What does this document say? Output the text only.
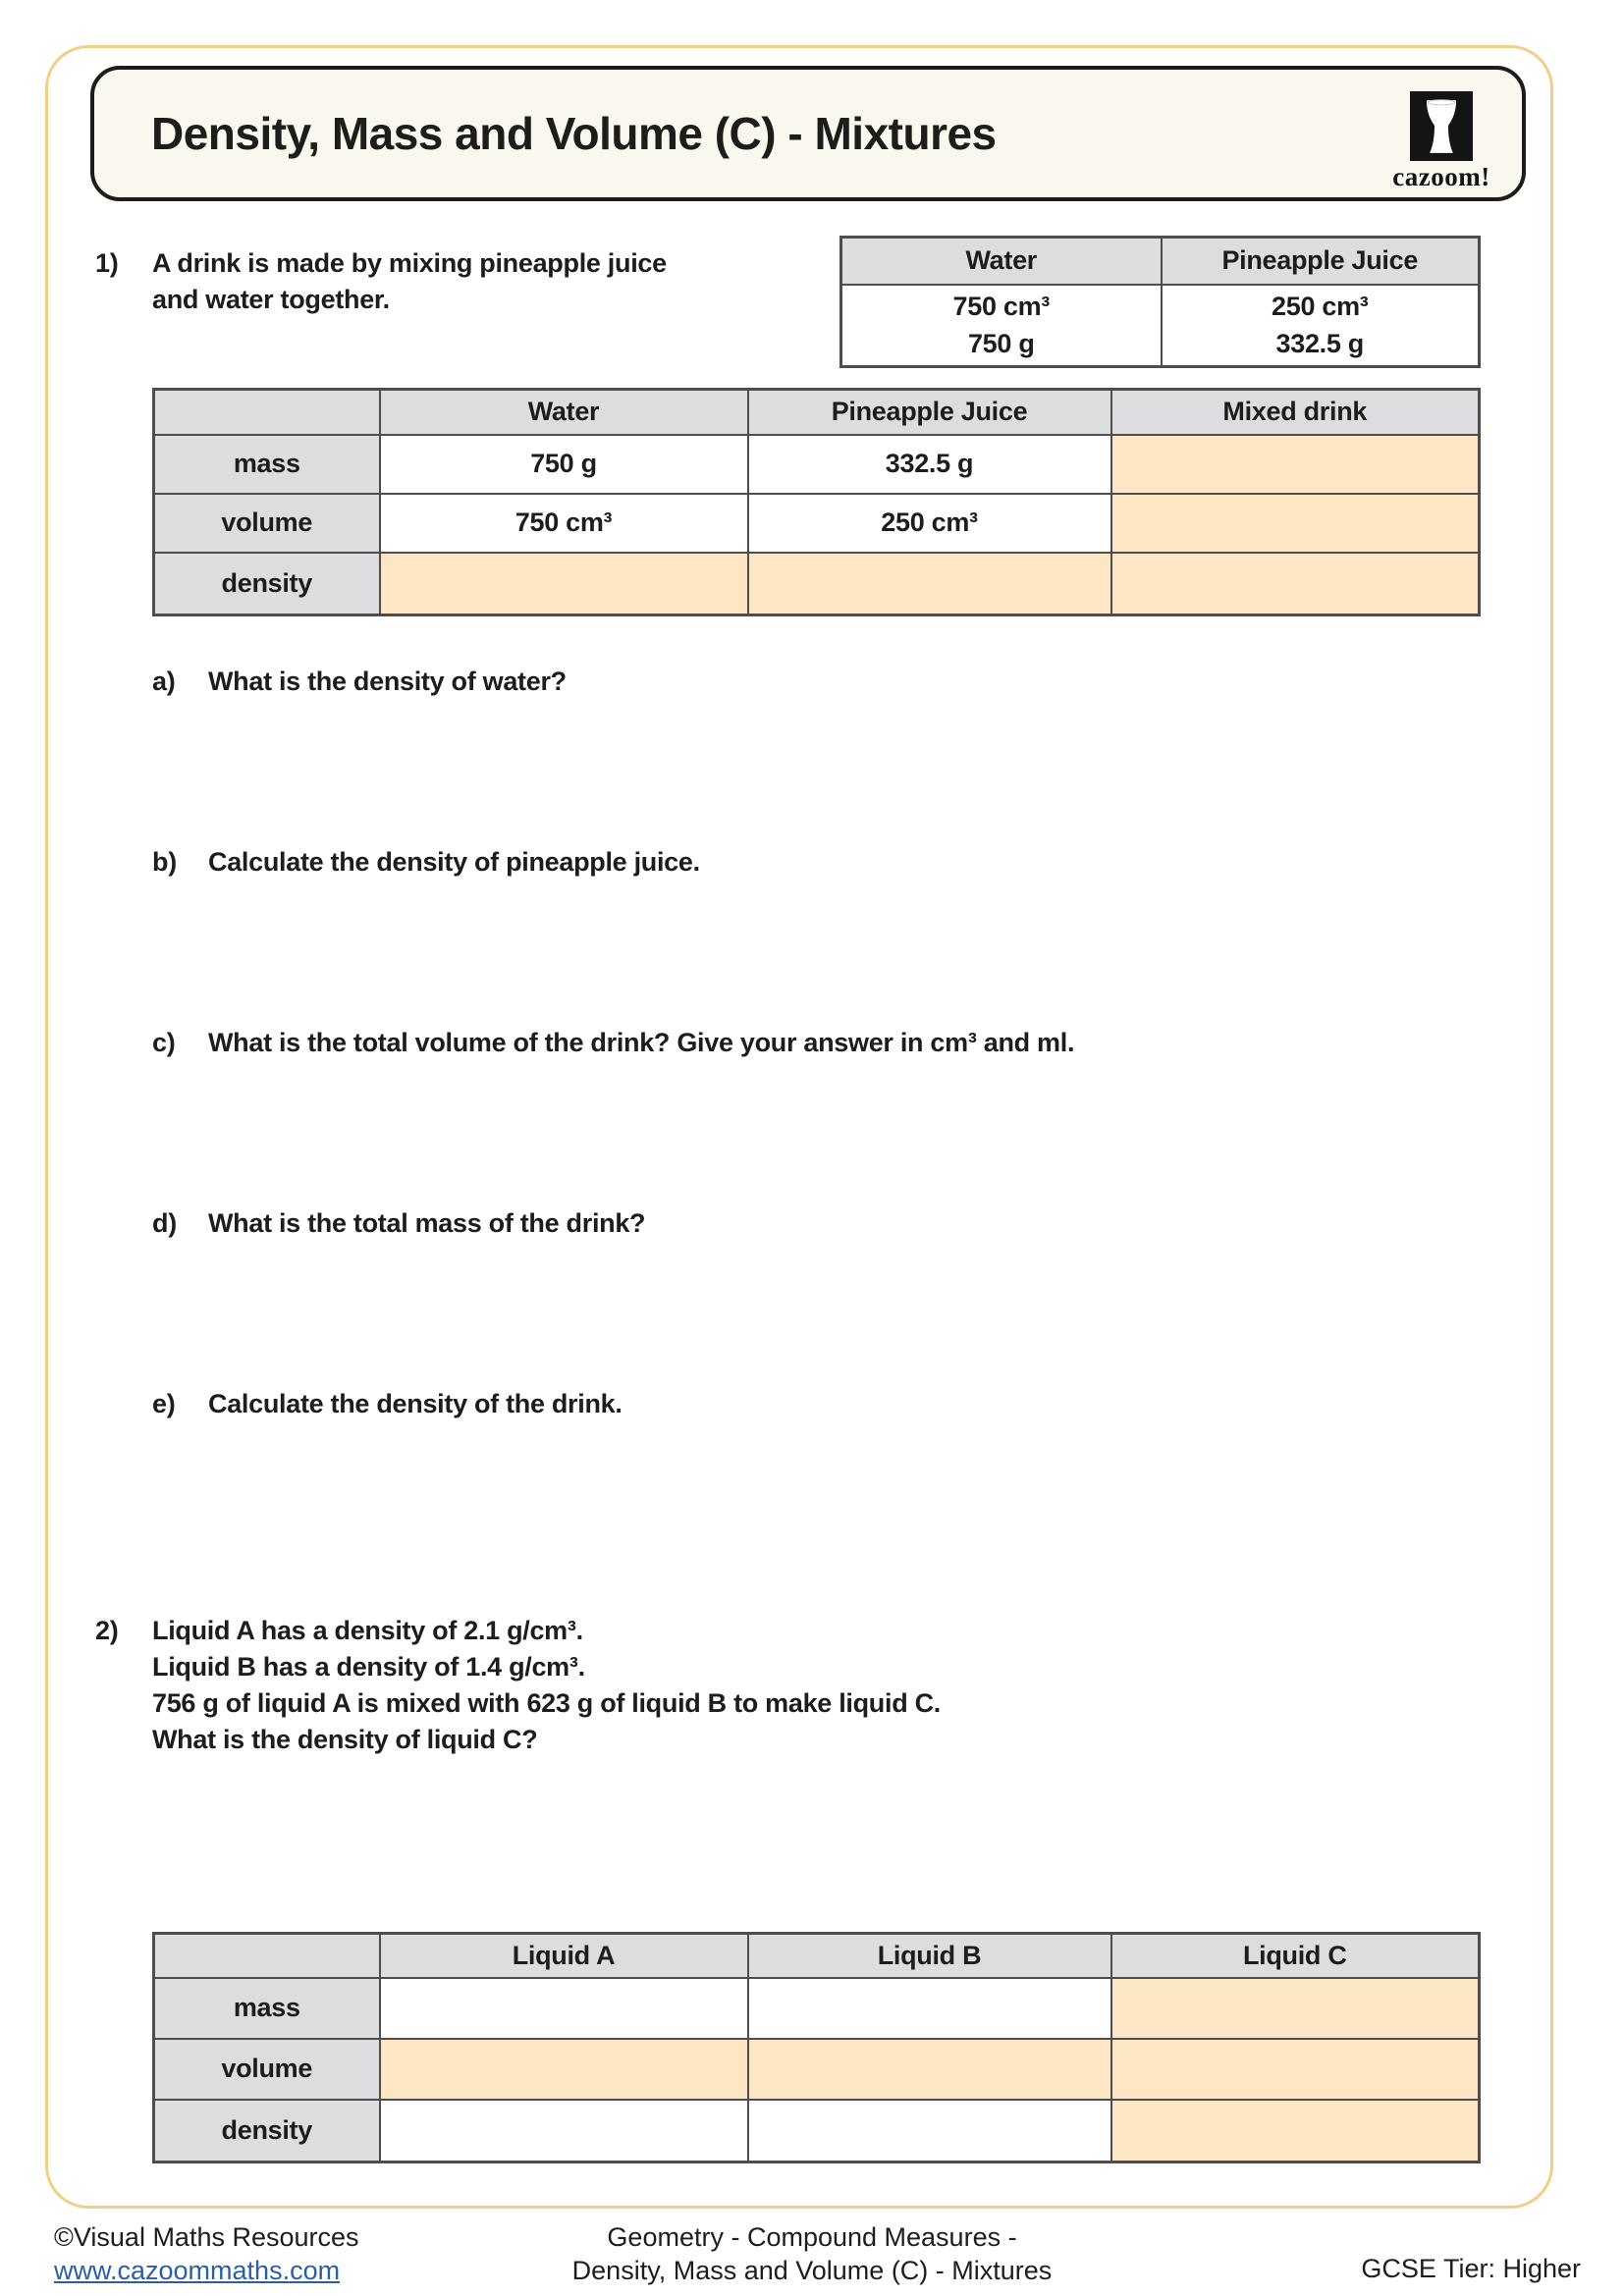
Density, Mass and Volume (C) - Mixtures
cazoom!
1)	A drink is made by mixing pineapple juice
and water together.
Water	Pineapple Juice

750 cm³
750 g

250 cm³
332.5 g
	Water	Pineapple Juice	Mixed drink
mass	750 g	332.5 g	
volume	750 cm³	250 cm³	
density			
a)	What is the density of water?
b)	Calculate the density of pineapple juice.
c)	What is the total volume of the drink? Give your answer in cm³ and ml.
d)	What is the total mass of the drink?
e)	Calculate the density of the drink.
2)	Liquid A has a density of 2.1 g/cm³.
Liquid B has a density of 1.4 g/cm³.
756 g of liquid A is mixed with 623 g of liquid B to make liquid C.
What is the density of liquid C?
	Liquid A	Liquid B	Liquid C
mass			
volume			
density			
©Visual Maths Resources
www.cazoommaths.com
Geometry - Compound Measures -
Density, Mass and Volume (C) - Mixtures	GCSE Tier: Higher
